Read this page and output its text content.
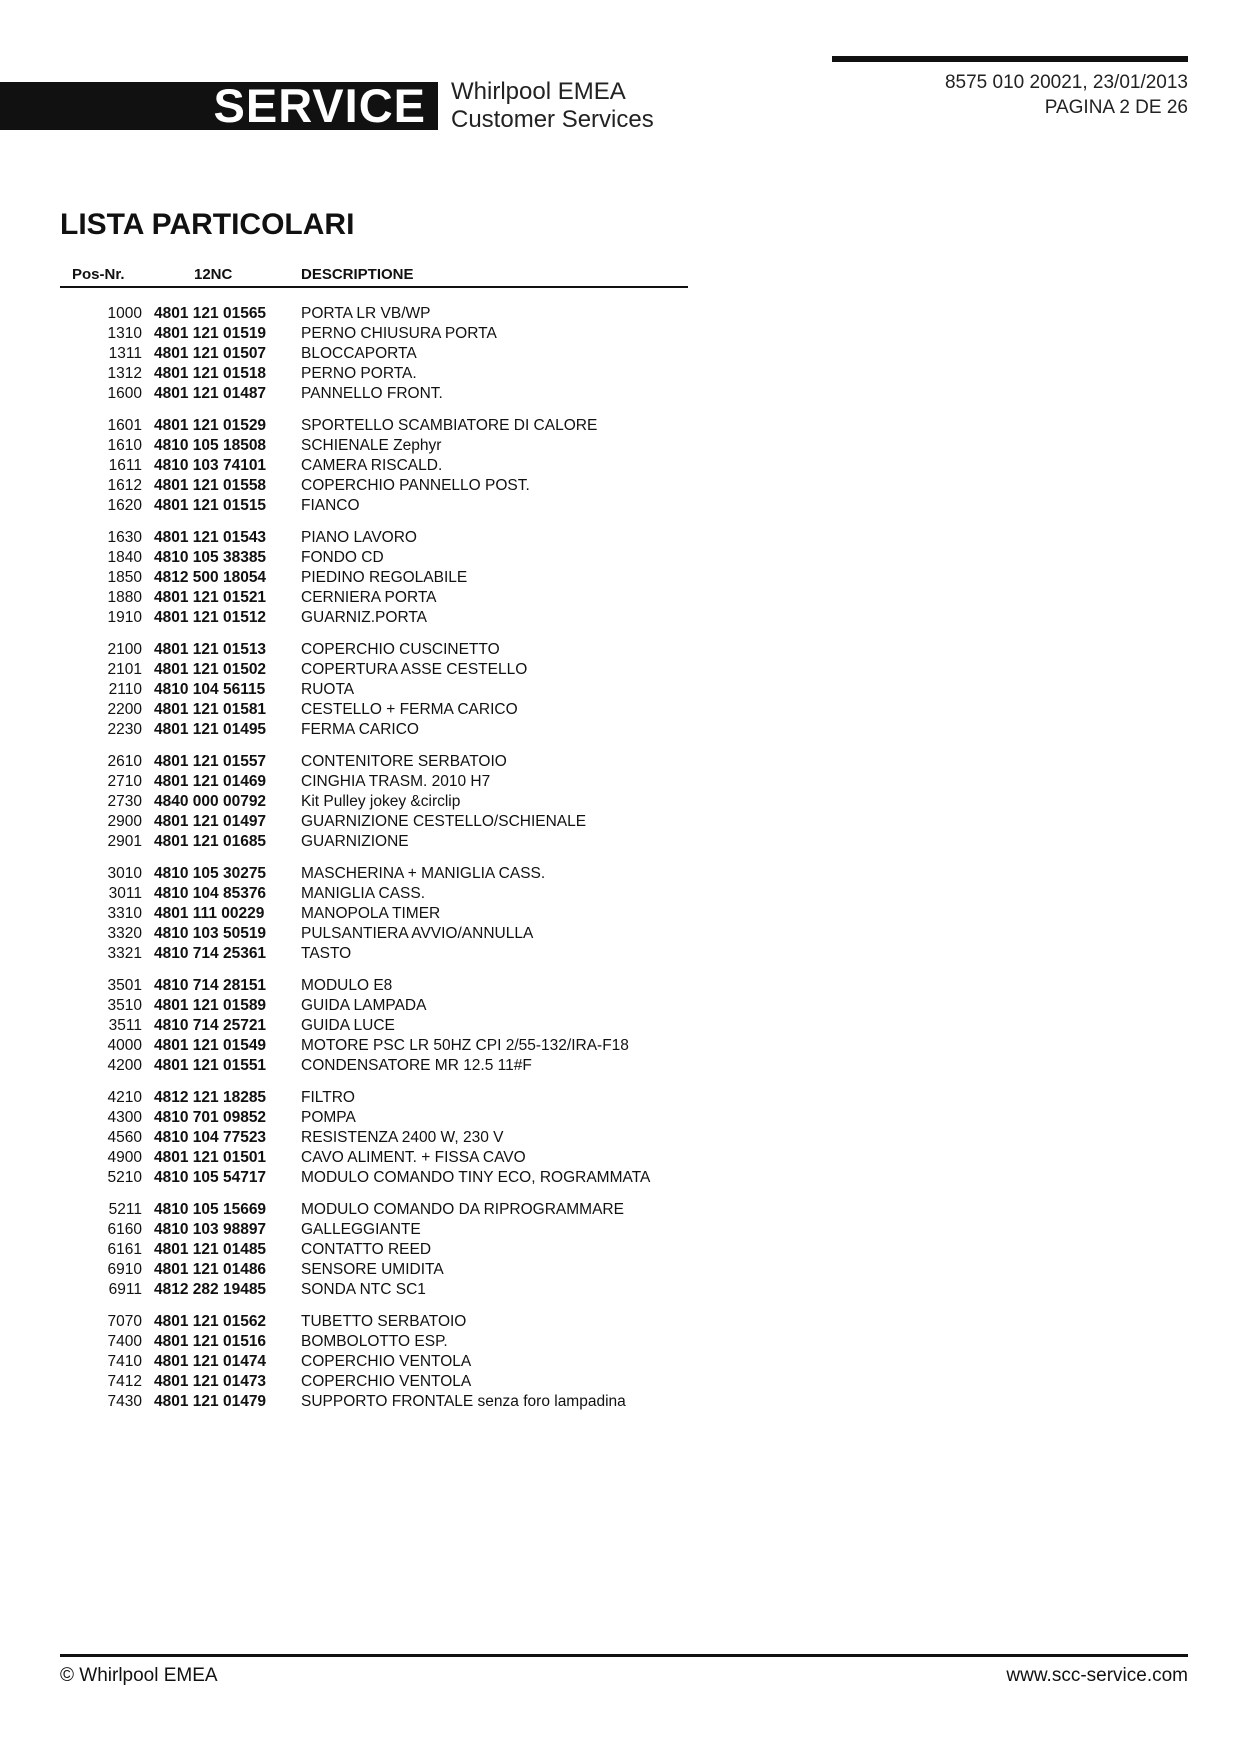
SERVICE	Whirlpool EMEA
Customer Services
8575 010 20021, 23/01/2013
PAGINA 2 DE 26
LISTA PARTICOLARI
Pos-Nr.	12NC	DESCRIPTIONE
1000 4801 121 01565 PORTA LR VB/WP
1310 4801 121 01519 PERNO CHIUSURA PORTA
1311 4801 121 01507 BLOCCAPORTA
1312 4801 121 01518 PERNO PORTA.
1600 4801 121 01487 PANNELLO FRONT.
1601 4801 121 01529 SPORTELLO SCAMBIATORE DI CALORE
1610 4810 105 18508 SCHIENALE Zephyr
1611 4810 103 74101 CAMERA RISCALD.
1612 4801 121 01558 COPERCHIO PANNELLO POST.
1620 4801 121 01515 FIANCO
1630 4801 121 01543 PIANO LAVORO
1840 4810 105 38385 FONDO CD
1850 4812 500 18054 PIEDINO REGOLABILE
1880 4801 121 01521 CERNIERA PORTA
1910 4801 121 01512 GUARNIZ.PORTA
2100 4801 121 01513 COPERCHIO CUSCINETTO
2101 4801 121 01502 COPERTURA ASSE CESTELLO
2110 4810 104 56115 RUOTA
2200 4801 121 01581 CESTELLO + FERMA CARICO
2230 4801 121 01495 FERMA CARICO
2610 4801 121 01557 CONTENITORE SERBATOIO
2710 4801 121 01469 CINGHIA TRASM. 2010 H7
2730 4840 000 00792 Kit Pulley jokey &circlip
2900 4801 121 01497 GUARNIZIONE CESTELLO/SCHIENALE
2901 4801 121 01685 GUARNIZIONE
3010 4810 105 30275 MASCHERINA + MANIGLIA CASS.
3011 4810 104 85376 MANIGLIA CASS.
3310 4801 111 00229 MANOPOLA TIMER
3320 4810 103 50519 PULSANTIERA AVVIO/ANNULLA
3321 4810 714 25361 TASTO
3501 4810 714 28151 MODULO E8
3510 4801 121 01589 GUIDA LAMPADA
3511 4810 714 25721 GUIDA LUCE
4000 4801 121 01549 MOTORE PSC LR 50HZ CPI 2/55-132/IRA-F18
4200 4801 121 01551 CONDENSATORE MR 12.5 11#F
4210 4812 121 18285 FILTRO
4300 4810 701 09852 POMPA
4560 4810 104 77523 RESISTENZA 2400 W, 230 V
4900 4801 121 01501 CAVO ALIMENT. + FISSA CAVO
5210 4810 105 54717 MODULO COMANDO TINY ECO, ROGRAMMATA
5211 4810 105 15669 MODULO COMANDO DA RIPROGRAMMARE
6160 4810 103 98897 GALLEGGIANTE
6161 4801 121 01485 CONTATTO REED
6910 4801 121 01486 SENSORE UMIDITA
6911 4812 282 19485 SONDA NTC SC1
7070 4801 121 01562 TUBETTO SERBATOIO
7400 4801 121 01516 BOMBOLOTTO ESP.
7410 4801 121 01474 COPERCHIO VENTOLA
7412 4801 121 01473 COPERCHIO VENTOLA
7430 4801 121 01479 SUPPORTO FRONTALE senza foro lampadina
© Whirlpool EMEA	www.scc-service.com
